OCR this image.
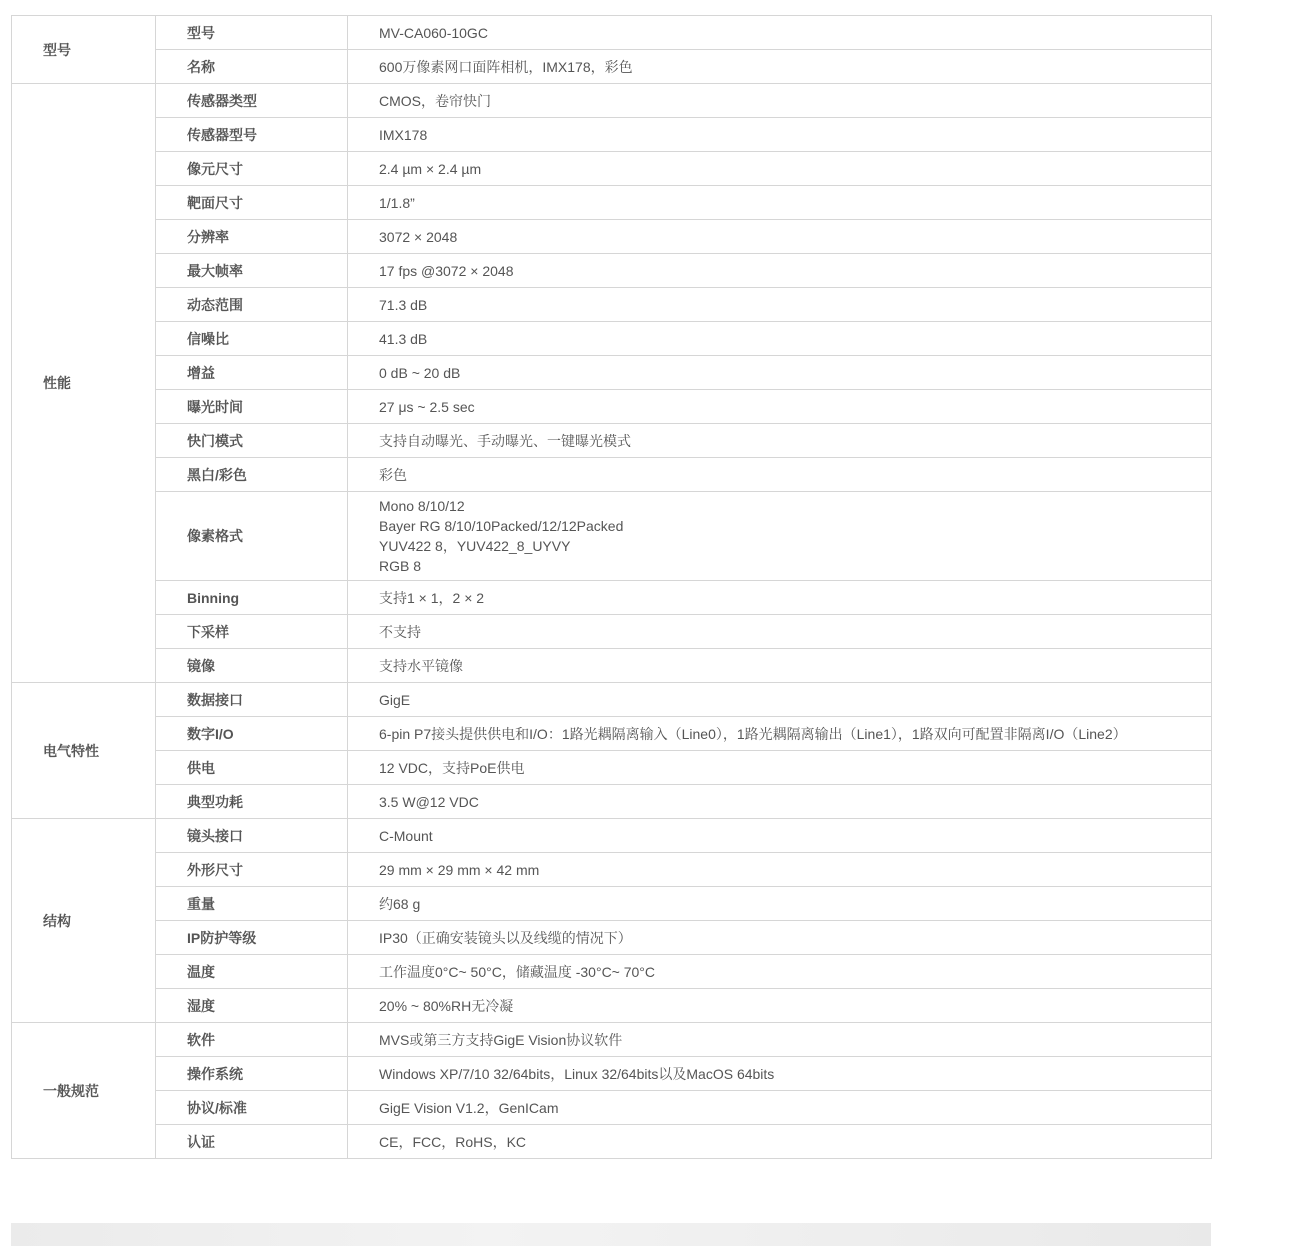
型号	型号	MV-CA060-10GC

	名称	600万像素网口面阵相机，IMX178，彩色

性能	传感器类型	CMOS，卷帘快门

	传感器型号	IMX178

	像元尺寸	2.4 µm × 2.4 µm

	靶面尺寸	1/1.8”

	分辨率	3072 × 2048

	最大帧率	17 fps @3072 × 2048

	动态范围	71.3 dB

	信噪比	41.3 dB

	增益	0 dB ~ 20 dB

	曝光时间	27 μs ~ 2.5 sec

	快门模式	支持自动曝光、手动曝光、一键曝光模式

	黑白/彩色	彩色

	像素格式	Mono 8/10/12
Bayer RG 8/10/10Packed/12/12Packed
YUV422 8，YUV422_8_UYVY
RGB 8

	Binning	支持1 × 1，2 × 2

	下采样	不支持

	镜像	支持水平镜像

电气特性	数据接口	GigE

	数字I/O	6-pin P7接头提供供电和I/O：1路光耦隔离输入（Line0），1路光耦隔离输出（Line1），1路双向可配置非隔离I/O（Line2）

	供电	12 VDC，支持PoE供电

	典型功耗	3.5 W@12 VDC

结构	镜头接口	C-Mount

	外形尺寸	29 mm × 29 mm × 42 mm

	重量	约68 g

	IP防护等级	IP30（正确安装镜头以及线缆的情况下）

	温度	工作温度0°C~ 50°C，储藏温度 -30°C~ 70°C

	湿度	20% ~ 80%RH无冷凝

一般规范	软件	MVS或第三方支持GigE Vision协议软件

	操作系统	Windows XP/7/10 32/64bits，Linux 32/64bits以及MacOS 64bits

	协议/标准	GigE Vision V1.2，GenICam

	认证	CE，FCC，RoHS，KC
